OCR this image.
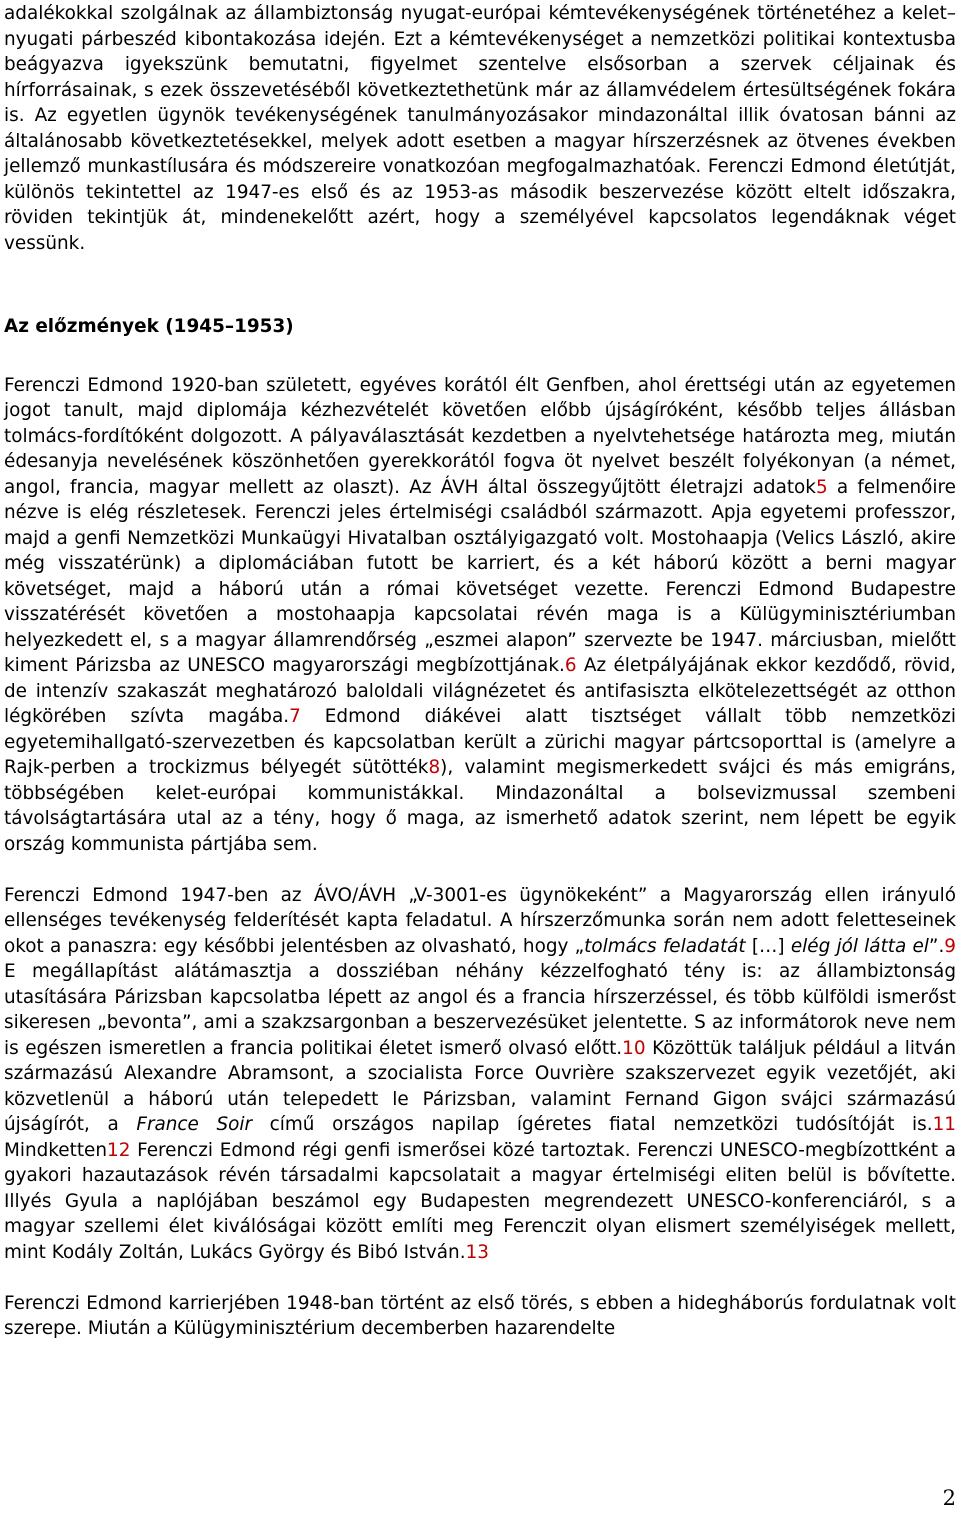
adalékokkal szolgálnak az állambiztonság nyugat-európai kémtevékenységének történetéhez a kelet–nyugati párbeszéd kibontakozása idején. Ezt a kémtevékenységet a nemzetközi politikai kontextusba beágyazva igyekszünk bemutatni, figyelmet szentelve elsősorban a szervek céljainak és hírforrásainak, s ezek összevetéséből következtethetünk már az államvédelem értesültségének fokára is. Az egyetlen ügynök tevékenységének tanulmányozásakor mindazonáltal illik óvatosan bánni az általánosabb következtetésekkel, melyek adott esetben a magyar hírszerzésnek az ötvenes években jellemző munkastílusára és módszereire vonatkozóan megfogalmazhatóak. Ferenczi Edmond életútját, különös tekintettel az 1947-es első és az 1953-as második beszervezése között eltelt időszakra, röviden tekintjük át, mindenekelőtt azért, hogy a személyével kapcsolatos legendáknak véget vessünk.

Az előzmények (1945–1953)

Ferenczi Edmond 1920-ban született, egyéves korától élt Genfben, ahol érettségi után az egyetemen jogot tanult, majd diplomája kézhezvételét követően előbb újságíróként, később teljes állásban tolmács-fordítóként dolgozott. A pályaválasztását kezdetben a nyelvtehetsége határozta meg, miután édesanyja nevelésének köszönhetően gyerekkorától fogva öt nyelvet beszélt folyékonyan (a német, angol, francia, magyar mellett az olaszt). Az ÁVH által összegyűjtött életrajzi adatok5 a felmenőire nézve is elég részletesek. Ferenczi jeles értelmiségi családból származott. Apja egyetemi professzor, majd a genfi Nemzetközi Munkaügyi Hivatalban osztályigazgató volt. Mostohaapja (Velics László, akire még visszatérünk) a diplomáciában futott be karriert, és a két háború között a berni magyar követséget, majd a háború után a római követséget vezette. Ferenczi Edmond Budapestre visszatérését követően a mostohaapja kapcsolatai révén maga is a Külügyminisztériumban helyezkedett el, s a magyar államrendőrség „eszmei alapon” szervezte be 1947. márciusban, mielőtt kiment Párizsba az UNESCO magyarországi megbízottjának.6 Az életpályájának ekkor kezdődő, rövid, de intenzív szakaszát meghatározó baloldali világnézetet és antifasiszta elkötelezettségét az otthon légkörében szívta magába.7 Edmond diákévei alatt tisztséget vállalt több nemzetközi egyetemihallgató-szervezetben és kapcsolatban került a zürichi magyar pártcsoporttal is (amelyre a Rajk-perben a trockizmus bélyegét sütötték8), valamint megismerkedett svájci és más emigráns, többségében kelet-európai kommunistákkal. Mindazonáltal a bolsevizmussal szembeni távolságtartására utal az a tény, hogy ő maga, az ismerhető adatok szerint, nem lépett be egyik ország kommunista pártjába sem.

Ferenczi Edmond 1947-ben az ÁVO/ÁVH „V-3001-es ügynökeként” a Magyarország ellen irányuló ellenséges tevékenység felderítését kapta feladatul. A hírszerzőmunka során nem adott feletteseinek okot a panaszra: egy későbbi jelentésben az olvasható, hogy „tolmács feladatát […] elég jól látta el”.9 E megállapítást alátámasztja a dossziéban néhány kézzelfogható tény is: az állambiztonság utasítására Párizsban kapcsolatba lépett az angol és a francia hírszerzéssel, és több külföldi ismerőst sikeresen „bevonta”, ami a szakzsargonban a beszervezésüket jelentette. S az informátorok neve nem is egészen ismeretlen a francia politikai életet ismerő olvasó előtt.10 Közöttük találjuk például a litván származású Alexandre Abramsont, a szocialista Force Ouvrière szakszervezet egyik vezetőjét, aki közvetlenül a háború után telepedett le Párizsban, valamint Fernand Gigon svájci származású újságírót, a France Soir című országos napilap ígéretes fiatal nemzetközi tudósítóját is.11 Mindketten12 Ferenczi Edmond régi genfi ismerősei közé tartoztak. Ferenczi UNESCO-megbízottként a gyakori hazautazások révén társadalmi kapcsolatait a magyar értelmiségi eliten belül is bővítette. Illyés Gyula a naplójában beszámol egy Budapesten megrendezett UNESCO-konferenciáról, s a magyar szellemi élet kiválóságai között említi meg Ferenczit olyan elismert személyiségek mellett, mint Kodály Zoltán, Lukács György és Bibó István.13

Ferenczi Edmond karrierjében 1948-ban történt az első törés, s ebben a hidegháborús fordulatnak volt szerepe. Miután a Külügyminisztérium decemberben hazarendelte

2
